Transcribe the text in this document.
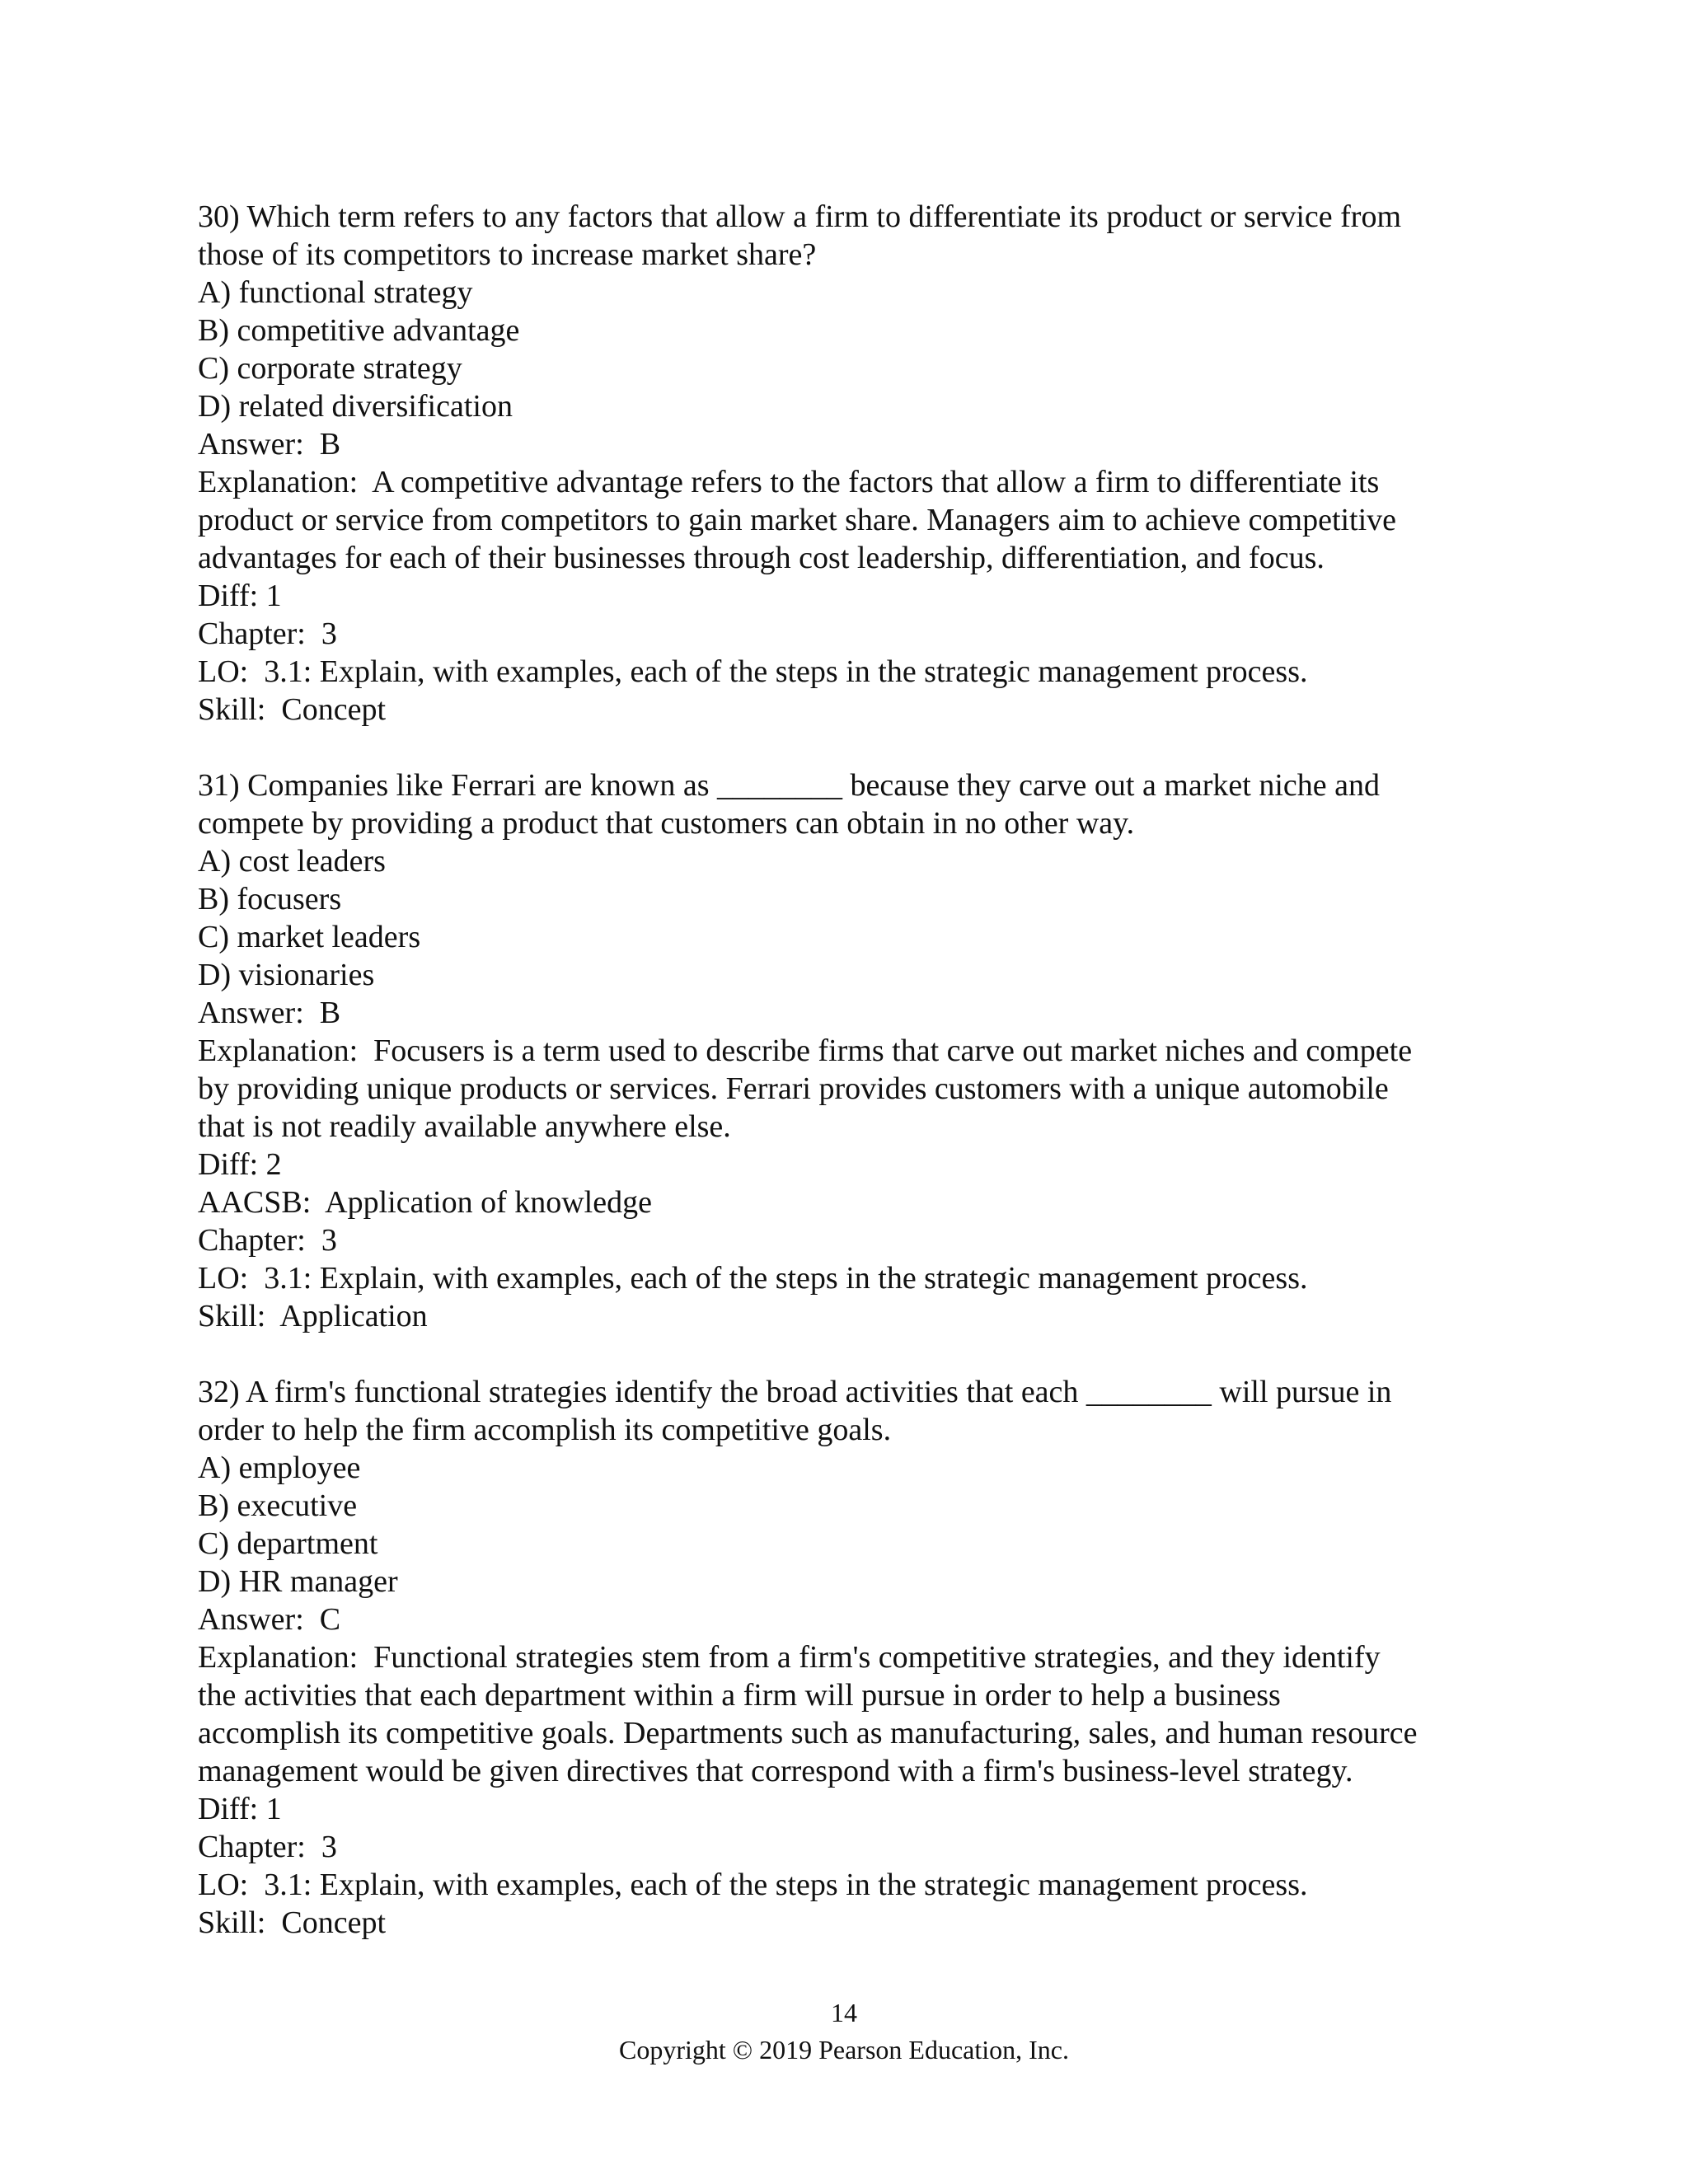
30) Which term refers to any factors that allow a firm to differentiate its product or service from
those of its competitors to increase market share?
A) functional strategy
B) competitive advantage
C) corporate strategy
D) related diversification
Answer:  B
Explanation:  A competitive advantage refers to the factors that allow a firm to differentiate its
product or service from competitors to gain market share. Managers aim to achieve competitive
advantages for each of their businesses through cost leadership, differentiation, and focus.
Diff: 1
Chapter:  3
LO:  3.1: Explain, with examples, each of the steps in the strategic management process.
Skill:  Concept
31) Companies like Ferrari are known as ________ because they carve out a market niche and
compete by providing a product that customers can obtain in no other way.
A) cost leaders
B) focusers
C) market leaders
D) visionaries
Answer:  B
Explanation:  Focusers is a term used to describe firms that carve out market niches and compete
by providing unique products or services. Ferrari provides customers with a unique automobile
that is not readily available anywhere else.
Diff: 2
AACSB:  Application of knowledge
Chapter:  3
LO:  3.1: Explain, with examples, each of the steps in the strategic management process.
Skill:  Application
32) A firm's functional strategies identify the broad activities that each ________ will pursue in
order to help the firm accomplish its competitive goals.
A) employee
B) executive
C) department
D) HR manager
Answer:  C
Explanation:  Functional strategies stem from a firm's competitive strategies, and they identify
the activities that each department within a firm will pursue in order to help a business
accomplish its competitive goals. Departments such as manufacturing, sales, and human resource
management would be given directives that correspond with a firm's business-level strategy.
Diff: 1
Chapter:  3
LO:  3.1: Explain, with examples, each of the steps in the strategic management process.
Skill:  Concept
14
Copyright © 2019 Pearson Education, Inc.
